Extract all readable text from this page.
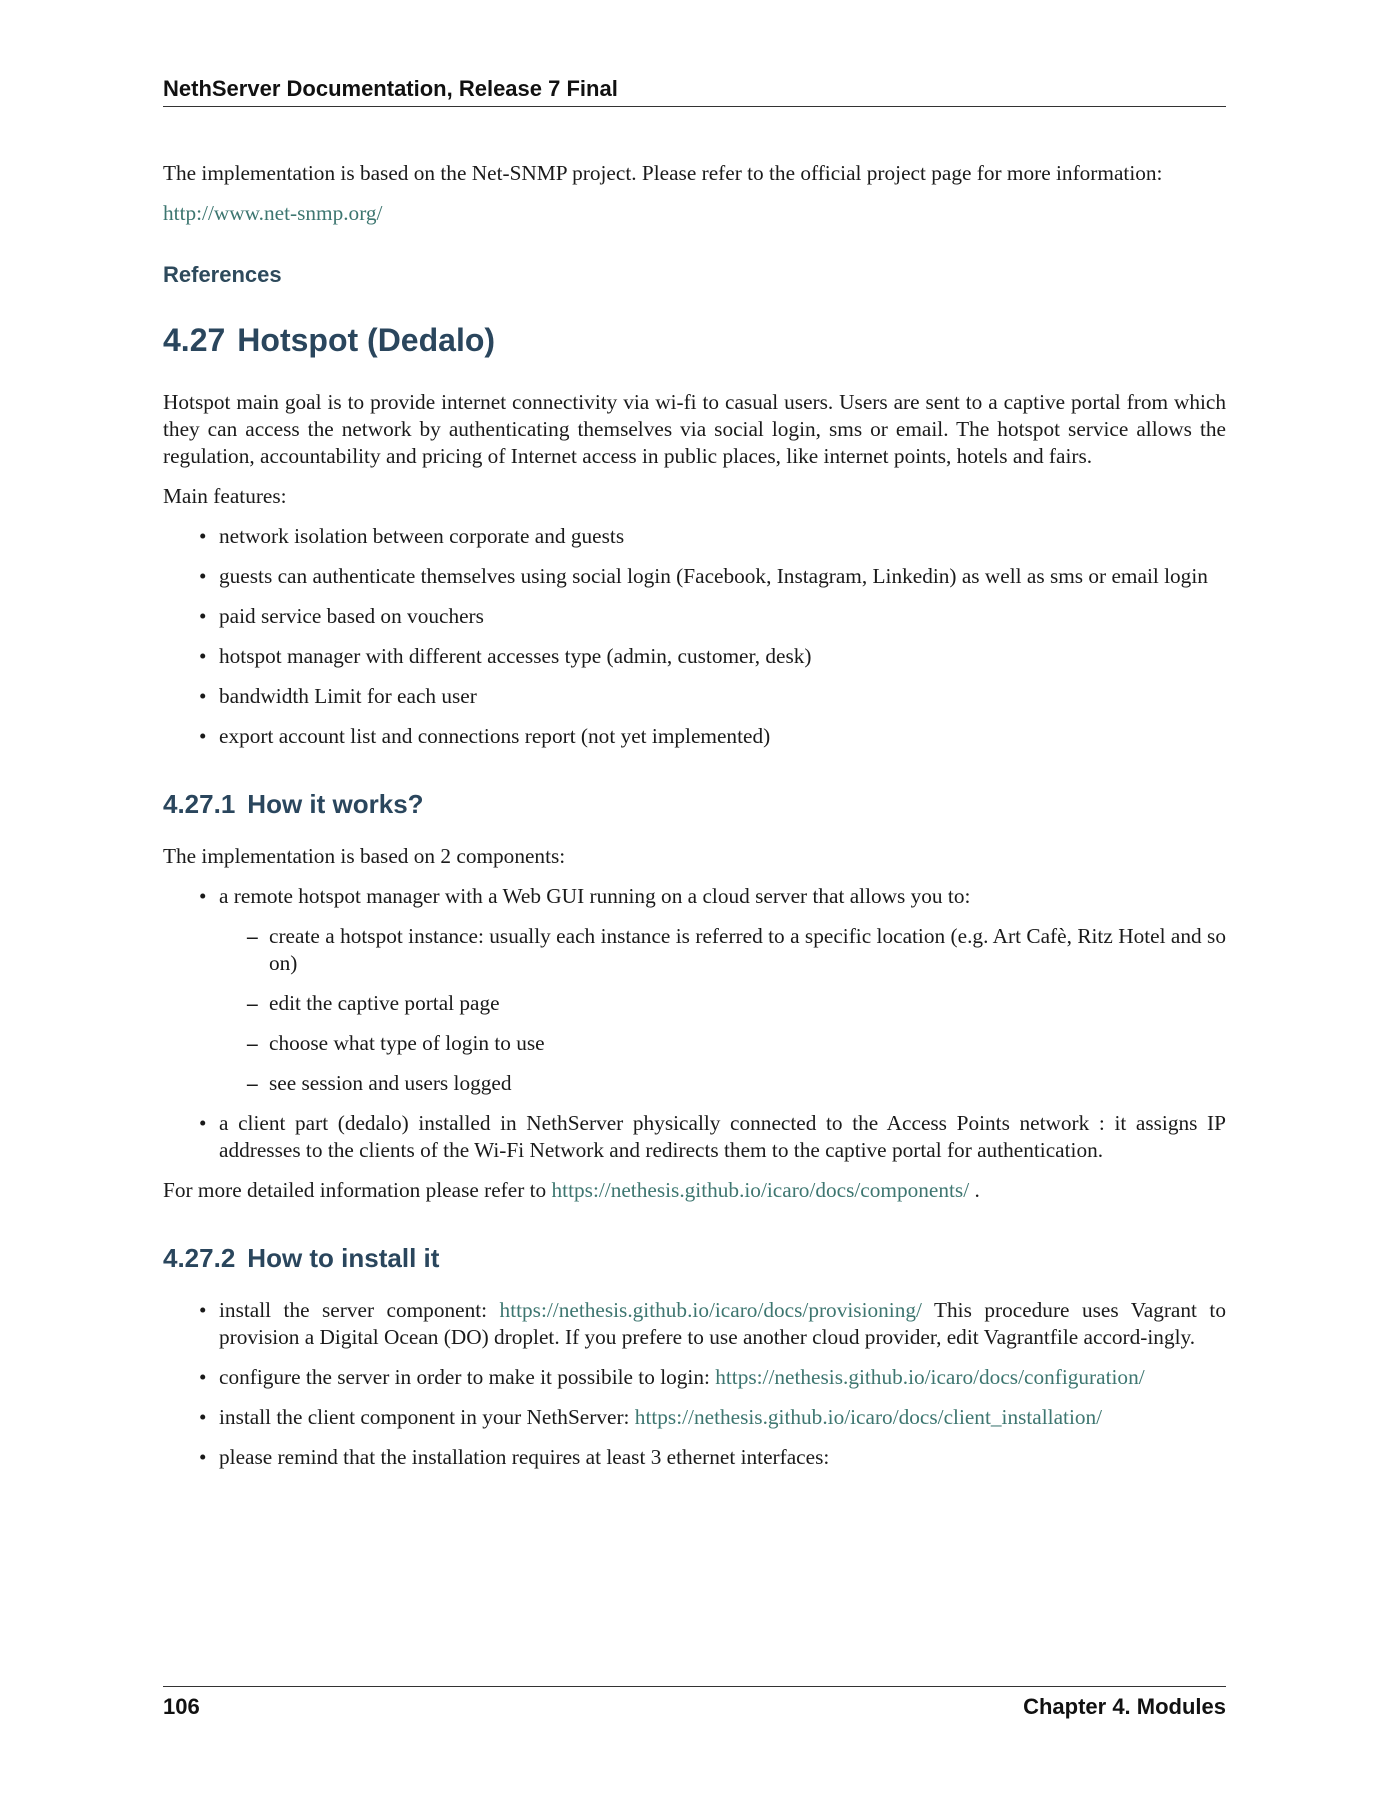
NethServer Documentation, Release 7 Final

The implementation is based on the Net-SNMP project. Please refer to the official project page for more information:

http://www.net-snmp.org/

References
4.27 Hotspot (Dedalo)

Hotspot main goal is to provide internet connectivity via wi-fi to casual users. Users are sent to a captive portal from which they can access the network by authenticating themselves via social login, sms or email. The hotspot service allows the regulation, accountability and pricing of Internet access in public places, like internet points, hotels and fairs.

Main features:

• network isolation between corporate and guests
• guests can authenticate themselves using social login (Facebook, Instagram, Linkedin) as well as sms or email login
• paid service based on vouchers
• hotspot manager with different accesses type (admin, customer, desk)
• bandwidth Limit for each user
• export account list and connections report (not yet implemented)
4.27.1 How it works?

The implementation is based on 2 components:

• a remote hotspot manager with a Web GUI running on a cloud server that allows you to:
– create a hotspot instance: usually each instance is referred to a specific location (e.g. Art Cafè, Ritz Hotel and so on)
– edit the captive portal page
– choose what type of login to use
– see session and users logged
• a client part (dedalo) installed in NethServer physically connected to the Access Points network : it assigns IP addresses to the clients of the Wi-Fi Network and redirects them to the captive portal for authentication.

For more detailed information please refer to https://nethesis.github.io/icaro/docs/components/ .

4.27.2 How to install it
• install the server component: https://nethesis.github.io/icaro/docs/provisioning/ This procedure uses Vagrant to provision a Digital Ocean (DO) droplet. If you prefere to use another cloud provider, edit Vagrantfile accord-ingly.
• configure the server in order to make it possibile to login: https://nethesis.github.io/icaro/docs/configuration/
• install the client component in your NethServer: https://nethesis.github.io/icaro/docs/client_installation/
• please remind that the installation requires at least 3 ethernet interfaces:
106	Chapter 4. Modules
